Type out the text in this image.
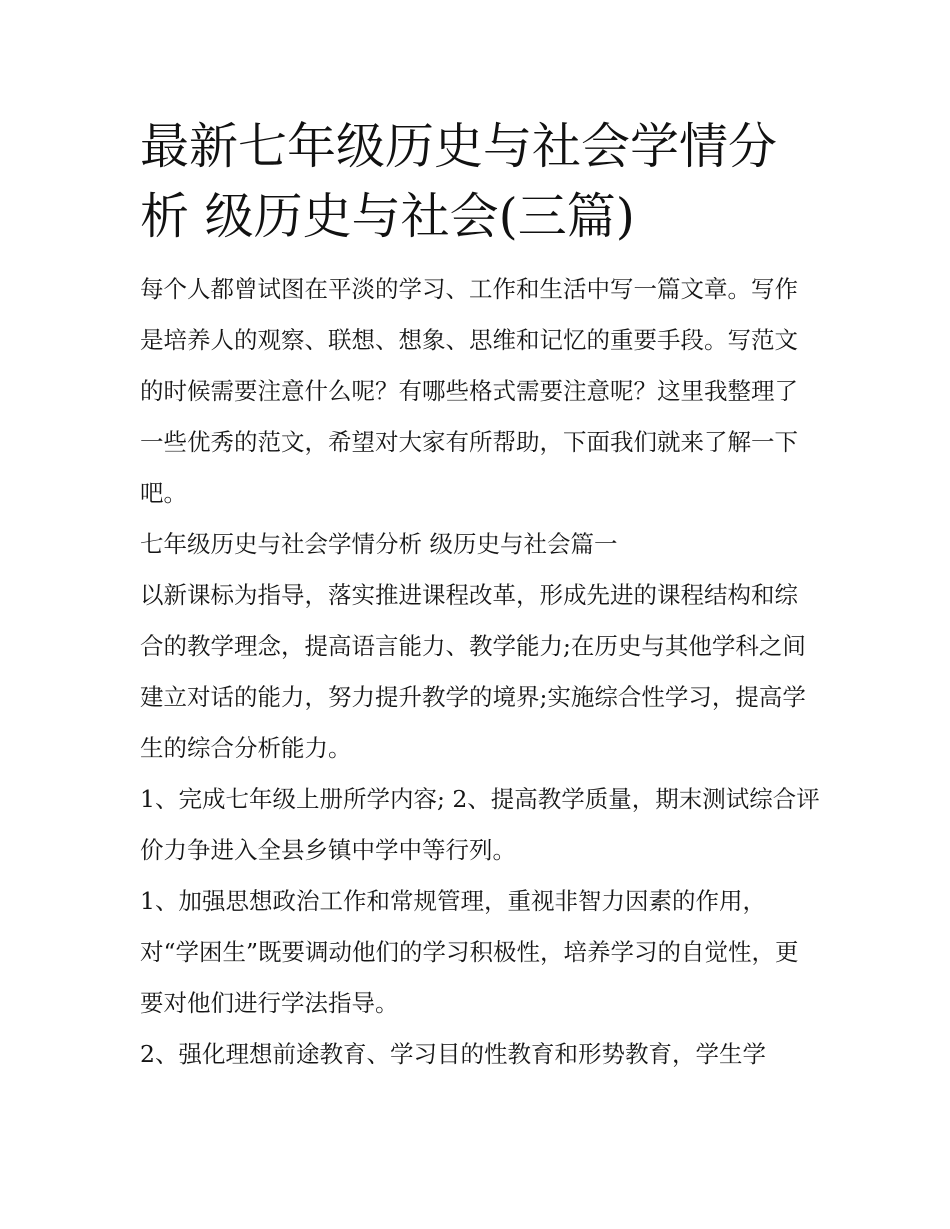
最新七年级历史与社会学情分析 级历史与社会(三篇)

每个人都曾试图在平淡的学习、工作和生活中写一篇文章。写作是培养人的观察、联想、想象、思维和记忆的重要手段。写范文的时候需要注意什么呢？有哪些格式需要注意呢？这里我整理了一些优秀的范文，希望对大家有所帮助，下面我们就来了解一下吧。

七年级历史与社会学情分析 级历史与社会篇一

以新课标为指导，落实推进课程改革，形成先进的课程结构和综合的教学理念，提高语言能力、教学能力;在历史与其他学科之间建立对话的能力，努力提升教学的境界;实施综合性学习，提高学生的综合分析能力。

1、完成七年级上册所学内容; 2、提高教学质量，期末测试综合评价力争进入全县乡镇中学中等行列。

1、加强思想政治工作和常规管理，重视非智力因素的作用，对“学困生”既要调动他们的学习积极性，培养学习的自觉性，更要对他们进行学法指导。

2、强化理想前途教育、学习目的性教育和形势教育，学生学
